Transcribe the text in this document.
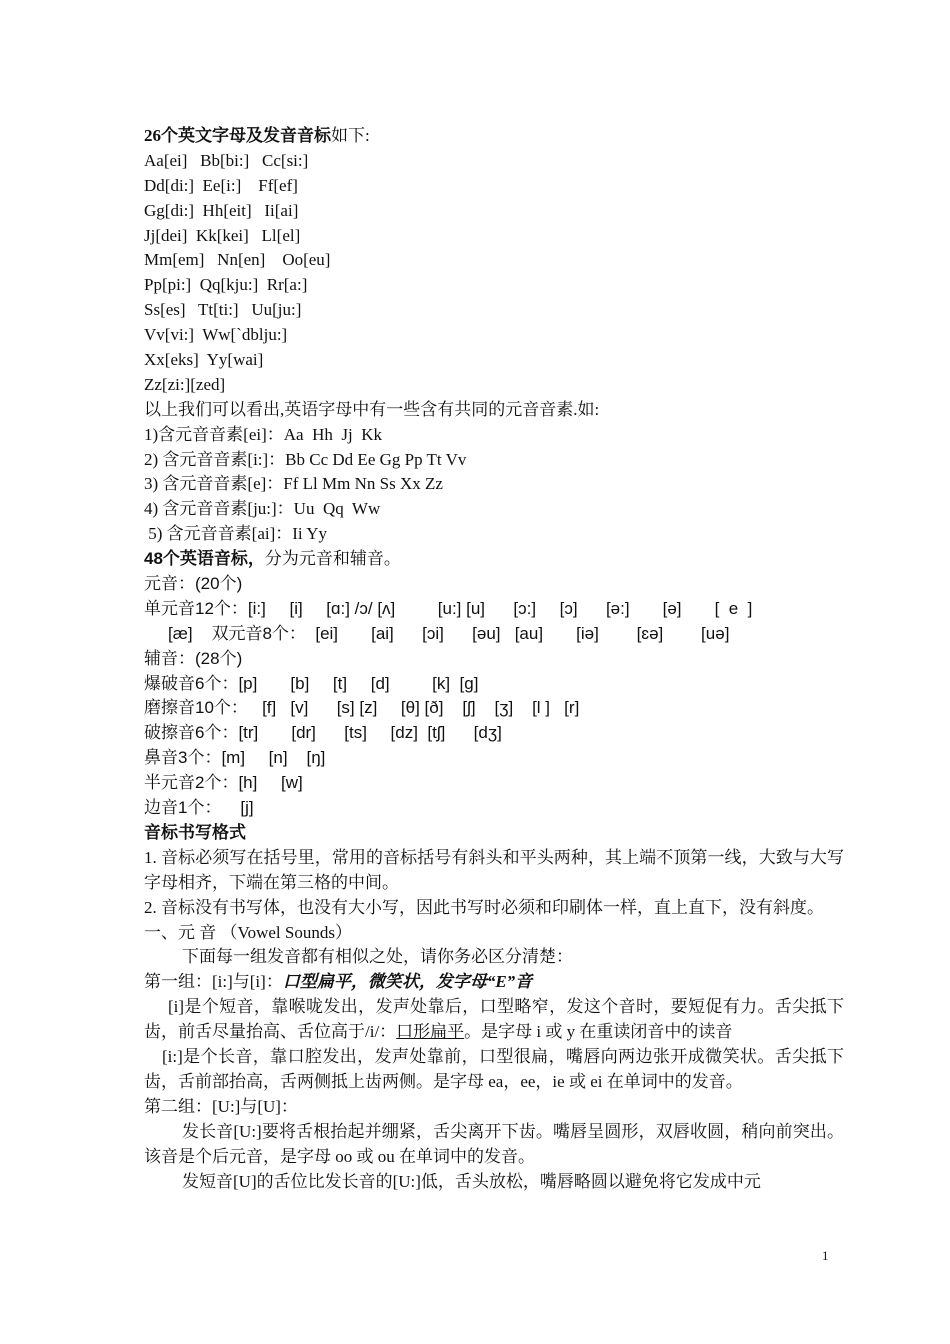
26个英文字母及发音音标如下:
Aa[ei]   Bb[bi:]   Cc[si:]
Dd[di:]  Ee[i:]    Ff[ef]
Gg[di:]  Hh[eit]   Ii[ai]
Jj[dei]  Kk[kei]   Ll[el]
Mm[em]   Nn[en]    Oo[eu]
Pp[pi:]  Qq[kju:]  Rr[a:]
Ss[es]   Tt[ti:]   Uu[ju:]
Vv[vi:]  Ww[`dblju:]
Xx[eks]  Yy[wai]
Zz[zi:][zed]
以上我们可以看出,英语字母中有一些含有共同的元音音素.如:
1)含元音音素[ei]：Aa  Hh  Jj  Kk
2) 含元音音素[i:]：Bb Cc Dd Ee Gg Pp Tt Vv
3) 含元音音素[e]：Ff Ll Mm Nn Ss Xx Zz
4) 含元音音素[ju:]：Uu  Qq  Ww
5) 含元音音素[ai]：Ii Yy
48个英语音标，分为元音和辅音。
元音：(20个)
单元音12个：[i:]     [i]     [ɑ:] /ɔ/ [ʌ]         [u:] [u]      [ɔ:]     [ɔ]      [ə:]       [ə]       [  e  ]
[æ]    双元音8个：  [ei]       [ai]      [ɔi]      [əu]   [au]       [iə]        [ɛə]        [uə]
辅音：(28个)
爆破音6个：[p]       [b]     [t]     [d]         [k]  [g]
磨擦音10个：   [f]   [v]      [s] [z]     [θ] [ð]    [ʃ]    [ʒ]    [l ]   [r]
破擦音6个：[tr]       [dr]      [ts]     [dz]  [tʃ]      [dʒ]
鼻音3个：[m]     [n]    [ŋ]
半元音2个：[h]     [w]
边音1个：    [j]
音标书写格式
1. 音标必须写在括号里，常用的音标括号有斜头和平头两种，其上端不顶第一线，大致与大写字母相齐，下端在第三格的中间。
2. 音标没有书写体，也没有大小写，因此书写时必须和印刷体一样，直上直下，没有斜度。
一、元 音 （Vowel Sounds）
下面每一组发音都有相似之处，请你务必区分清楚：
第一组：[i:]与[i]：口型扁平，微笑状，发字母“E”音
[i]是个短音，靠喉咙发出，发声处靠后，口型略窄，发这个音时，要短促有力。舌尖抵下齿，前舌尽量抬高、舌位高于/i/：口形扁平。是字母 i 或 y 在重读闭音中的读音
[i:]是个长音，靠口腔发出，发声处靠前，口型很扁，嘴唇向两边张开成微笑状。舌尖抵下齿，舌前部抬高，舌两侧抵上齿两侧。是字母 ea，ee，ie 或 ei 在单词中的发音。
第二组：[U:]与[U]：
发长音[U:]要将舌根抬起并绷紧，舌尖离开下齿。嘴唇呈圆形，双唇收圆，稍向前突出。该音是个后元音，是字母 oo 或 ou 在单词中的发音。
发短音[U]的舌位比发长音的[U:]低，舌头放松，嘴唇略圆以避免将它发成中元
1
